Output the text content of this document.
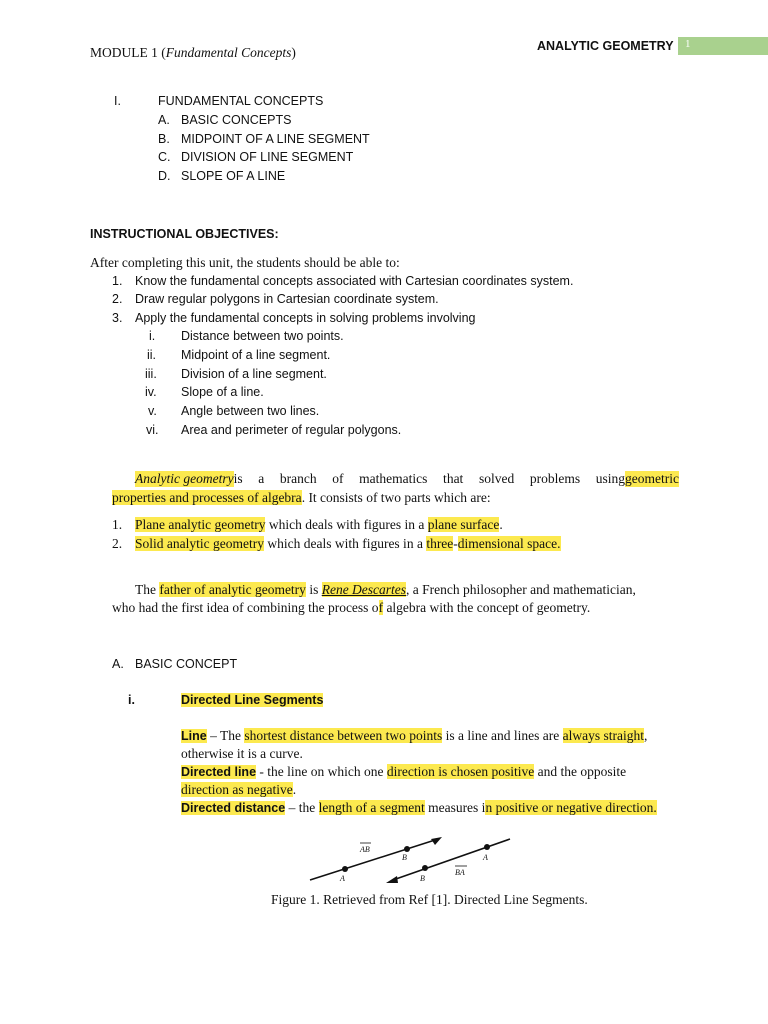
MODULE 1 (Fundamental Concepts)	ANALYTIC GEOMETRY 1
I.	FUNDAMENTAL CONCEPTS
A. BASIC CONCEPTS
B. MIDPOINT OF A LINE SEGMENT
C. DIVISION OF LINE SEGMENT
D. SLOPE OF A LINE
INSTRUCTIONAL OBJECTIVES:
After completing this unit, the students should be able to:
1. Know the fundamental concepts associated with Cartesian coordinates system.
2. Draw regular polygons in Cartesian coordinate system.
3. Apply the fundamental concepts in solving problems involving
i. Distance between two points.
ii. Midpoint of a line segment.
iii. Division of a line segment.
iv. Slope of a line.
v. Angle between two lines.
vi. Area and perimeter of regular polygons.
Analytic geometry is a branch of mathematics that solved problems using geometric
properties and processes of algebra. It consists of two parts which are:
1. Plane analytic geometry which deals with figures in a plane surface.
2. Solid analytic geometry which deals with figures in a three-dimensional space.
The father of analytic geometry is Rene Descartes, a French philosopher and mathematician,
who had the first idea of combining the process of algebra with the concept of geometry.
A. BASIC CONCEPT
i.	Directed Line Segments
Line – The shortest distance between two points is a line and lines are always straight,
otherwise it is a curve.
Directed line - the line on which one direction is chosen positive and the opposite
direction as negative.
Directed distance – the length of a segment measures in positive or negative direction.
AB
B
A	B
BA
A
Figure 1. Retrieved from Ref [1]. Directed Line Segments.
